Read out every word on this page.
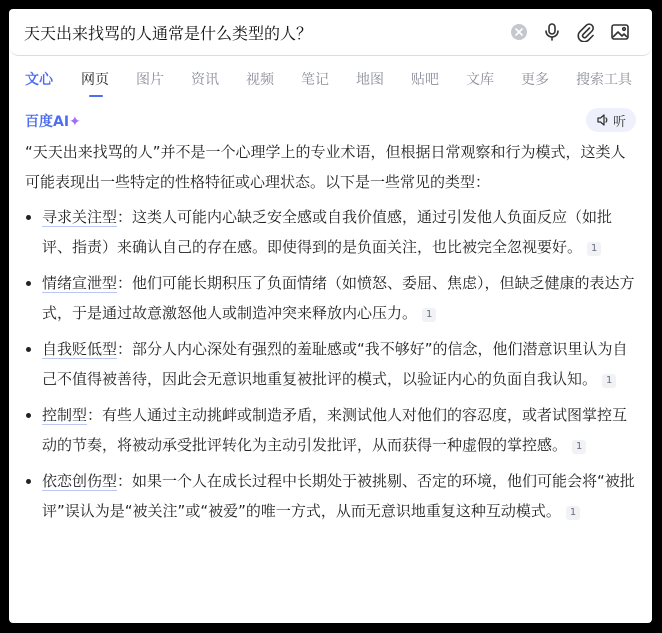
天天出来找骂的人通常是什么类型的人？
文心 网页 图片 资讯 视频 笔记 地图 贴吧 文库 更多 搜索工具
百度AI✦	听

“天天出来找骂的人”并不是一个心理学上的专业术语，但根据日常观察和行为模式，这类人可能表现出一些特定的性格特征或心理状态。以下是一些常见的类型：

寻求关注型：这类人可能内心缺乏安全感或自我价值感，通过引发他人负面反应（如批评、指责）来确认自己的存在感。即使得到的是负面关注，也比被完全忽视要好。 1
情绪宣泄型：他们可能长期积压了负面情绪（如愤怒、委屈、焦虑），但缺乏健康的表达方式，于是通过故意激怒他人或制造冲突来释放内心压力。 1
自我贬低型：部分人内心深处有强烈的羞耻感或“我不够好”的信念，他们潜意识里认为自己不值得被善待，因此会无意识地重复被批评的模式，以验证内心的负面自我认知。 1
控制型：有些人通过主动挑衅或制造矛盾，来测试他人对他们的容忍度，或者试图掌控互动的节奏，将被动承受批评转化为主动引发批评，从而获得一种虚假的掌控感。 1
依恋创伤型：如果一个人在成长过程中长期处于被挑剔、否定的环境，他们可能会将“被批评”误认为是“被关注”或“被爱”的唯一方式，从而无意识地重复这种互动模式。 1
